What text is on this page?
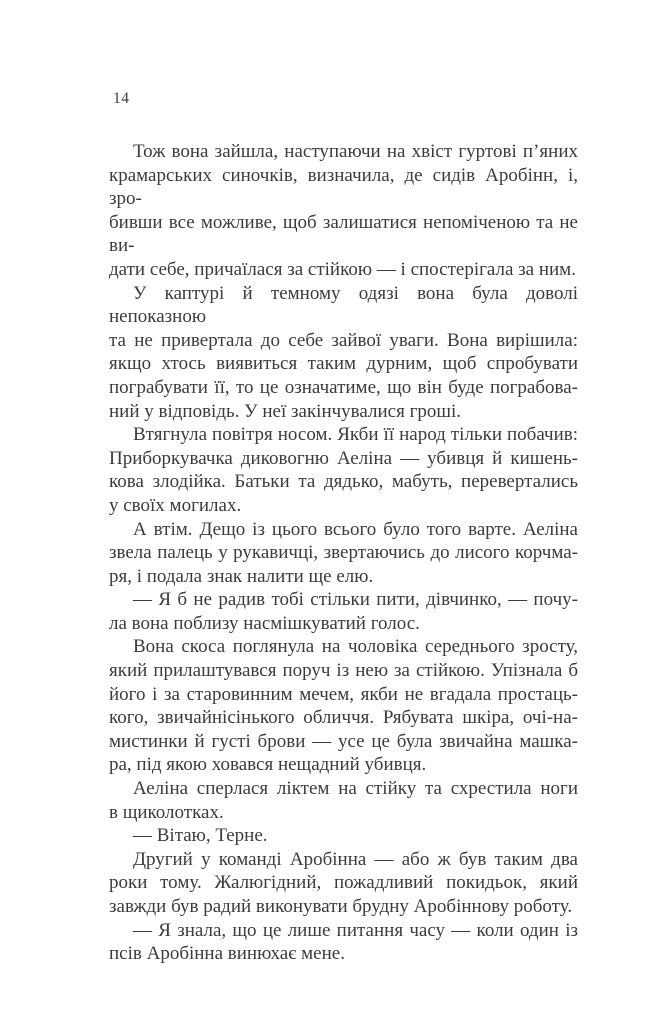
14

Тож вона зайшла, наступаючи на хвіст гуртові п’яних
крамарських синочків, визначила, де сидів Аробінн, і, зро-
бивши все можливе, щоб залишатися непоміченою та не ви-
дати себе, причаїлася за стійкою — і спостерігала за ним.

У каптурі й темному одязі вона була доволі непоказною
та не привертала до себе зайвої уваги. Вона вирішила:
якщо хтось виявиться таким дурним, щоб спробувати
пограбувати її, то це означатиме, що він буде пограбова-
ний у відповідь. У неї закінчувалися гроші.

Втягнула повітря носом. Якби її народ тільки побачив:
Приборкувачка диковогню Аеліна — убивця й кишень-
кова злодійка. Батьки та дядько, мабуть, перевертались
у своїх могилах.

А втім. Дещо із цього всього було того варте. Аеліна
звела палець у рукавичці, звертаючись до лисого корчма-
ря, і подала знак налити ще елю.

— Я б не радив тобі стільки пити, дівчинко, — почу-
ла вона поблизу насмішкуватий голос.

Вона скоса поглянула на чоловіка середнього зросту,
який прилаштувався поруч із нею за стійкою. Упізнала б
його і за старовинним мечем, якби не вгадала простаць-
кого, звичайнісінького обличчя. Рябувата шкіра, очі-на-
мистинки й густі брови — усе це була звичайна машка-
ра, під якою ховався нещадний убивця.

Аеліна сперлася ліктем на стійку та схрестила ноги
в щиколотках.

— Вітаю, Терне.

Другий у команді Аробінна — або ж був таким два
роки тому. Жалюгідний, пожадливий покидьок, який
завжди був радий виконувати брудну Аробіннову роботу.

— Я знала, що це лише питання часу — коли один із
псів Аробінна винюхає мене.
